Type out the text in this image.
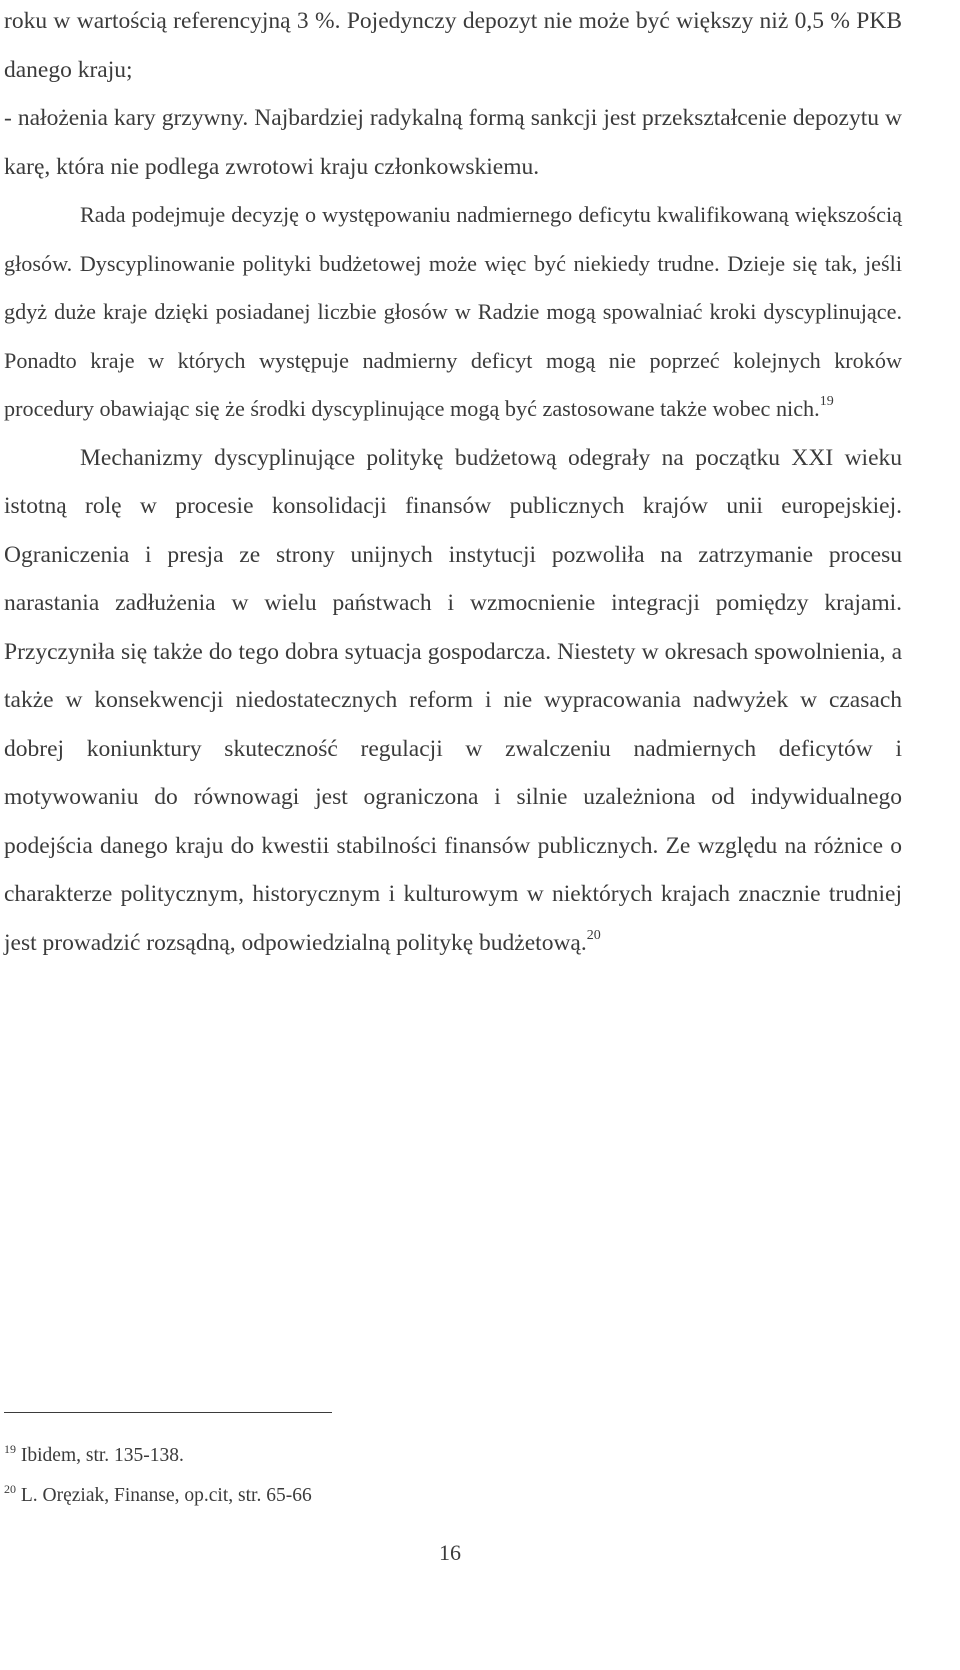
roku w wartością referencyjną 3 %. Pojedynczy depozyt nie może być większy niż 0,5 % PKB danego kraju;

- nałożenia kary grzywny. Najbardziej radykalną formą sankcji jest przekształcenie depozytu w karę, która nie podlega zwrotowi kraju członkowskiemu.

Rada podejmuje decyzję o występowaniu nadmiernego deficytu kwalifikowaną większością głosów. Dyscyplinowanie polityki budżetowej może więc być niekiedy trudne. Dzieje się tak, jeśli gdyż duże kraje dzięki posiadanej liczbie głosów w Radzie mogą spowalniać kroki dyscyplinujące. Ponadto kraje w których występuje nadmierny deficyt mogą nie poprzeć kolejnych kroków procedury obawiając się że środki dyscyplinujące mogą być zastosowane także wobec nich.$^{19}$

Mechanizmy dyscyplinujące politykę budżetową odegrały na początku XXI wieku istotną rolę w procesie konsolidacji finansów publicznych krajów unii europejskiej. Ograniczenia i presja ze strony unijnych instytucji pozwoliła na zatrzymanie procesu narastania zadłużenia w wielu państwach i wzmocnienie integracji pomiędzy krajami. Przyczyniła się także do tego dobra sytuacja gospodarcza. Niestety w okresach spowolnienia, a także w konsekwencji niedostatecznych reform i nie wypracowania nadwyżek w czasach dobrej koniunktury skuteczność regulacji w zwalczeniu nadmiernych deficytów i motywowaniu do równowagi jest ograniczona i silnie uzależniona od indywidualnego podejścia danego kraju do kwestii stabilności finansów publicznych. Ze względu na różnice o charakterze politycznym, historycznym i kulturowym w niektórych krajach znacznie trudniej jest prowadzić rozsądną, odpowiedzialną politykę budżetową.$^{20}$

$^{19}$ Ibidem, str. 135-138.
$^{20}$ L. Oręziak, Finanse, op.cit, str. 65-66
16
